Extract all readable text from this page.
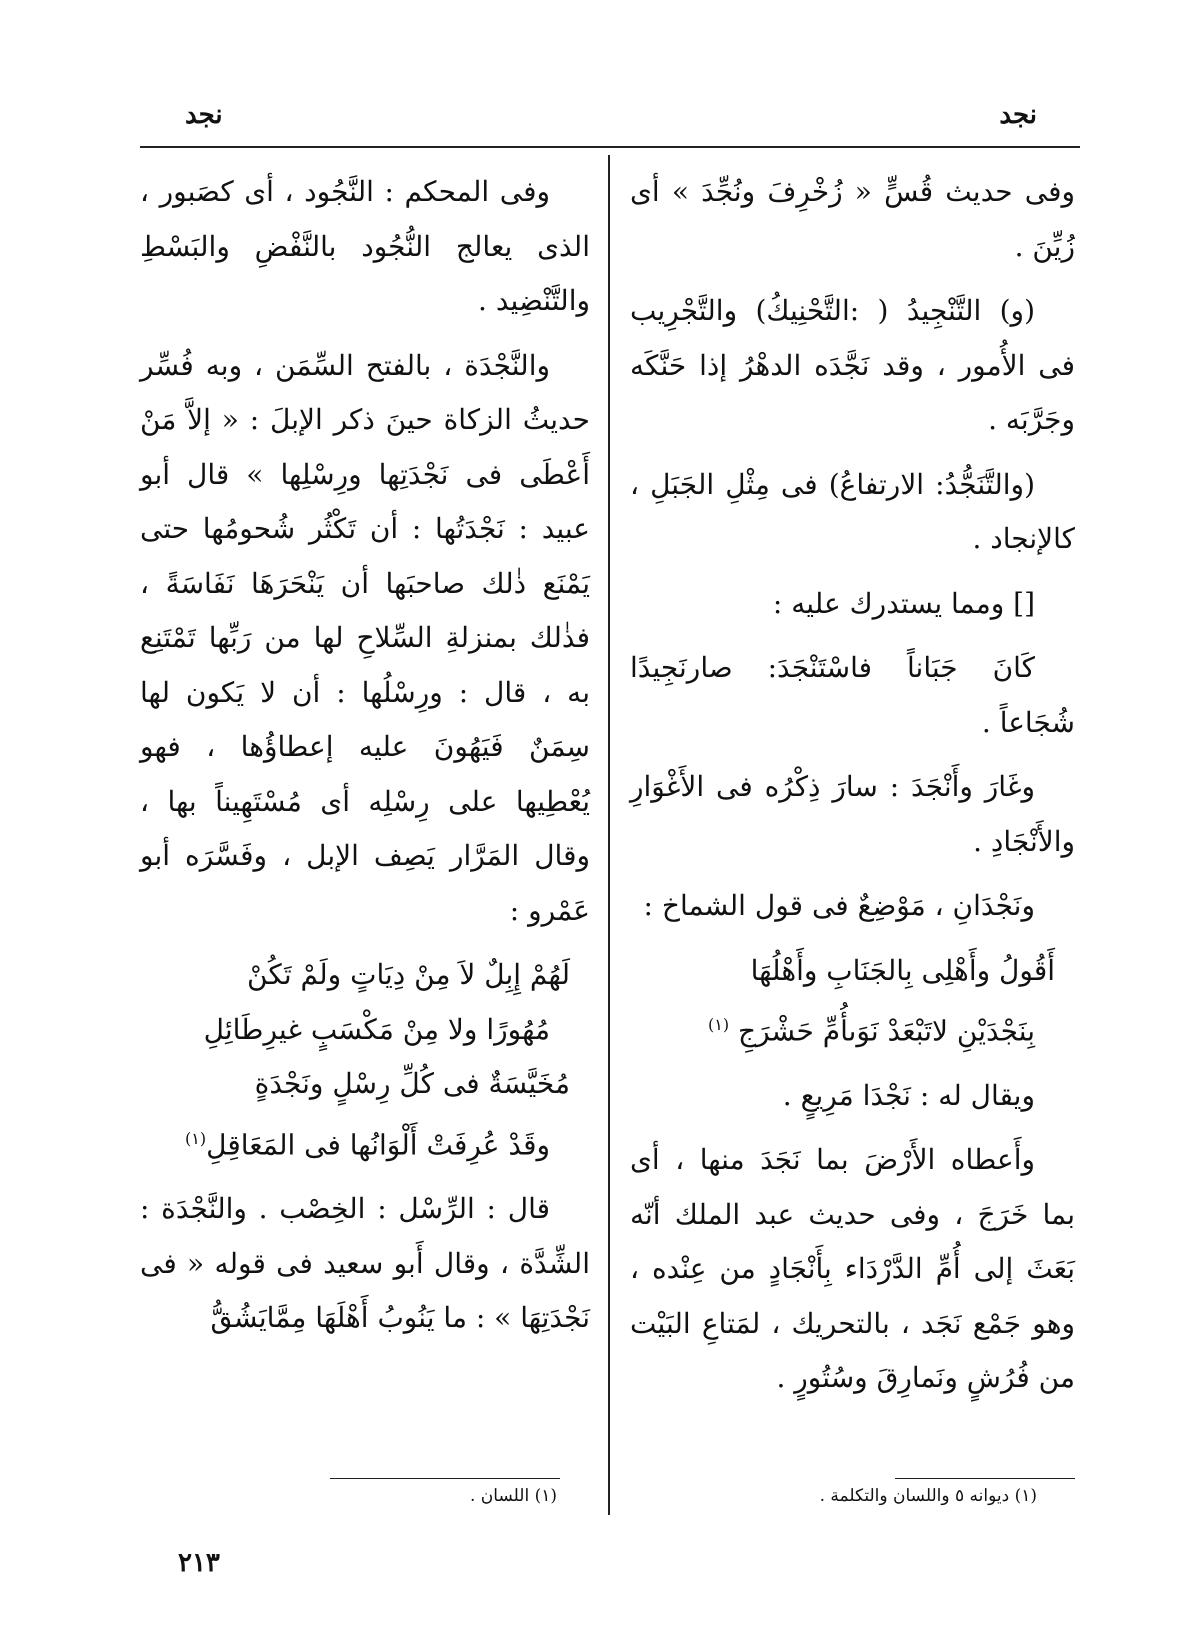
نجد
نجد

وفى حديث قُسٍّ « زُخْرِفَ ونُجِّدَ » أى زُيِّنَ .

(و) التَّنْجِيدُ ( :التَّحْنِيكُ) والتَّجْرِيب فى الأُمور ، وقد نَجَّدَه الدهْرُ إذا حَنَّكَه وجَرَّبَه .

(والتَّنَجُّدُ: الارتفاعُ) فى مِثْلِ الجَبَلِ ، كالإنجاد .

[] ومما يستدرك عليه :

كَانَ جَبَاناً فاسْتَنْجَدَ: صارنَجِيدًا شُجَاعاً .

وغَارَ وأَنْجَدَ : سارَ ذِكْرُه فى الأَغْوَارِ والأَنْجَادِ .

ونَجْدَانِ ، مَوْضِعٌ فى قول الشماخ :

أَقُولُ وأَهْلِى بِالجَنَابِ وأَهْلُهَا
بِنَجْدَيْنِ لاتَبْعَدْ نَوَىأُمِّ حَشْرَجِ $^{(١)}$

ويقال له : نَجْدَا مَرِيعٍ .

وأَعطاه الأَرْضَ بما نَجَدَ منها ، أى بما خَرَجَ ، وفى حديث عبد الملك أنّه بَعَثَ إلى أُمِّ الدَّرْدَاء بِأَنْجَادٍ من عِنْده ، وهو جَمْع نَجَد ، بالتحريك ، لمَتاعِ البَيْت من فُرُشٍ ونَمارِقَ وسُتُورٍ .

وفى المحكم : النَّجُود ، أى كصَبور ، الذى يعالج النُّجُود بالنَّفْضِ والبَسْطِ والتَّنْضِيد .

والنَّجْدَة ، بالفتح السِّمَن ، وبه فُسِّر حديثُ الزكاة حينَ ذكر الإبلَ : « إلاَّ مَنْ أَعْطَى فى نَجْدَتِها ورِسْلِها » قال أبو عبيد : نَجْدَتُها : أن تَكْثُر شُحومُها حتى يَمْنَع ذٰلك صاحبَها أن يَنْحَرَهَا نَفَاسَةً ، فذٰلك بمنزلةِ السِّلاحِ لها من رَبِّها تَمْتَنِع به ، قال : ورِسْلُها : أن لا يَكون لها سِمَنٌ فَيَهُونَ عليه إعطاؤُها ، فهو يُعْطِيها على رِسْلِه أى مُسْتَهِيناً بها ، وقال المَرَّار يَصِف الإبل ، وفَسَّرَه أبو عَمْرو :

لَهُمْ إِبِلٌ لاَ مِنْ دِيَاتٍ ولَمْ تَكُنْ
مُهُورًا ولا مِنْ مَكْسَبٍ غيرِطَائِلِ
مُخَيَّسَةٌ فى كُلِّ رِسْلٍ ونَجْدَةٍ
وقَدْ عُرِفَتْ أَلْوَانُها فى المَعَاقِلِ$^{(١)}$

قال : الرِّسْل : الخِصْب . والنَّجْدَة : الشِّدَّة ، وقال أَبو سعيد فى قوله « فى نَجْدَتِهَا » : ما يَنُوبُ أَهْلَهَا مِمَّايَشُقُّ

(١) ديوانه ٥ واللسان والتكلمة .
(١) اللسان .
٢١٣
